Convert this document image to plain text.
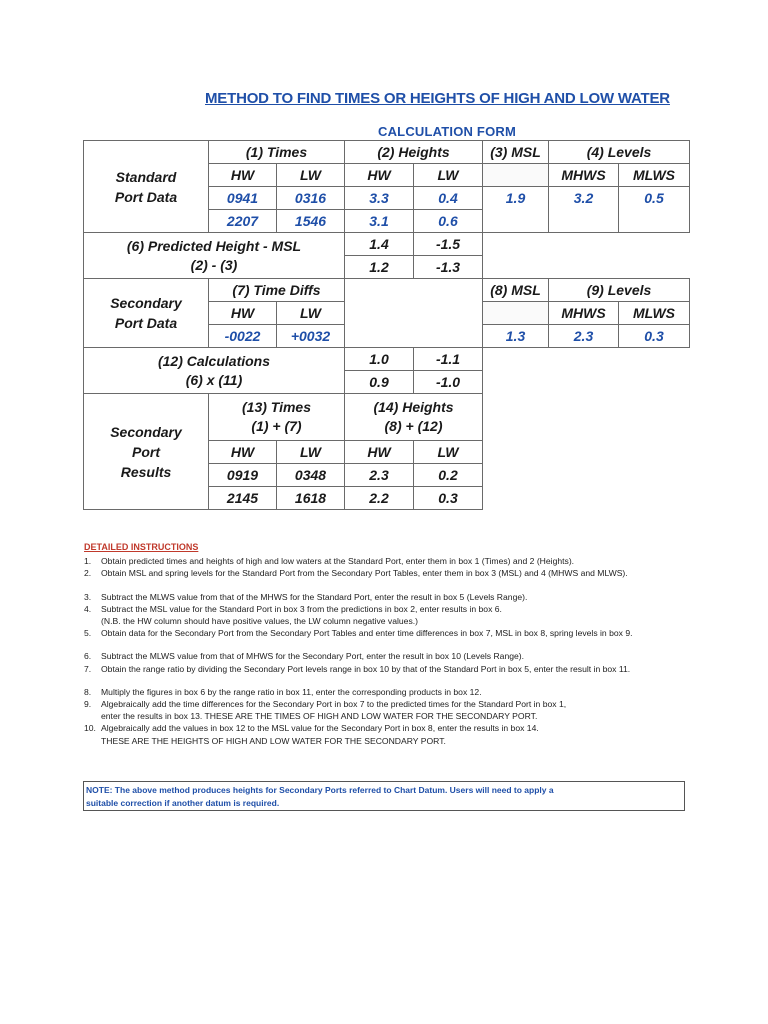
METHOD TO FIND TIMES OR HEIGHTS OF HIGH AND LOW WATER
CALCULATION FORM
Standard
Port Data	(1) Times		(2) Heights		(3) MSL	(4) Levels	
	HW	LW	HW	LW		MHWS	MLWS
	0941	0316	3.3	0.4	1.9	3.2	0.5
	2207	1546	3.1	0.6			
(6) Predicted Height - MSL
(2) - (3)			1.4	-1.5			
			1.2	-1.3			
Secondary
Port Data	(7) Time Diffs				(8) MSL	(9) Levels	
	HW	LW				MHWS	MLWS
	-0022	+0032			1.3	2.3	0.3
(12) Calculations
(6) x (11)			1.0	-1.1			
			0.9	-1.0			
Secondary
Port
Results	(13) Times
(1) + (7)		(14) Heights
(8) + (12)				
	HW	LW	HW	LW			
	0919	0348	2.3	0.2			
	2145	1618	2.2	0.3			
DETAILED INSTRUCTIONS
1.	Obtain predicted times and heights of high and low waters at the Standard Port, enter them in box 1 (Times) and 2 (Heights).
2.	Obtain MSL and spring levels for the Standard Port from the Secondary Port Tables, enter them in box 3 (MSL) and 4 (MHWS and MLWS).
3.	Subtract the MLWS value from that of the MHWS for the Standard Port, enter the result in box 5 (Levels Range).
4.	Subtract the MSL value for the Standard Port in box 3 from the predictions in box 2, enter results in box 6.
(N.B. the HW column should have positive values, the LW column negative values.)
5.	Obtain data for the Secondary Port from the Secondary Port Tables and enter time differences in box 7, MSL in box 8, spring levels in box 9.
6.	Subtract the MLWS value from that of MHWS for the Secondary Port, enter the result in box 10 (Levels Range).
7.	Obtain the range ratio by dividing the Secondary Port levels range in box 10 by that of the Standard Port in box 5, enter the result in box 11.
8.	Multiply the figures in box 6 by the range ratio in box 11, enter the corresponding products in box 12.
9.	Algebraically add the time differences for the Secondary Port in box 7 to the predicted times for the Standard Port in box 1,
enter the results in box 13. THESE ARE THE TIMES OF HIGH AND LOW WATER FOR THE SECONDARY PORT.
10. Algebraically add the values in box 12 to the MSL value for the Secondary Port in box 8, enter the results in box 14.
THESE ARE THE HEIGHTS OF HIGH AND LOW WATER FOR THE SECONDARY PORT.
NOTE: The above method produces heights for Secondary Ports referred to Chart Datum. Users will need to apply a
suitable correction if another datum is required.
